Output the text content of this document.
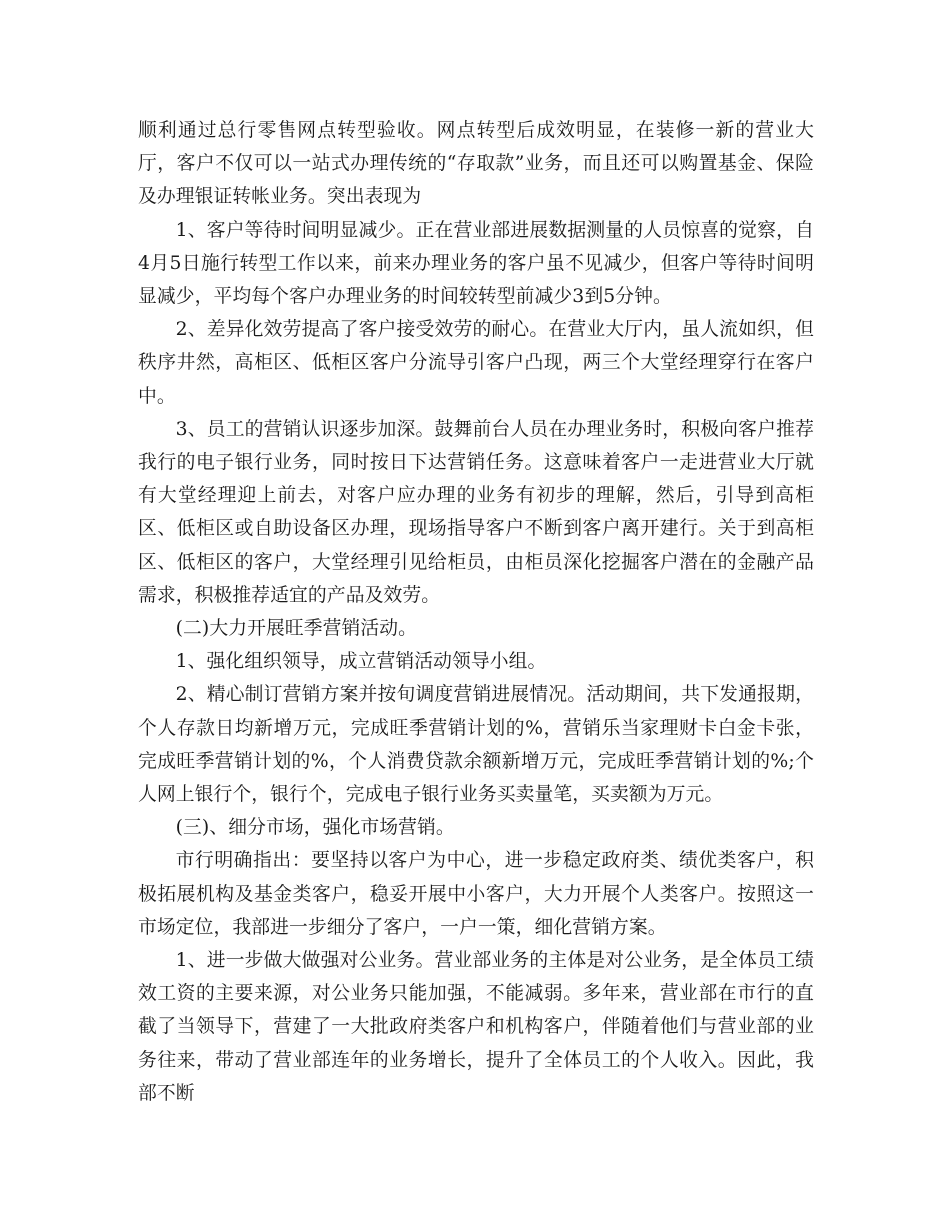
顺利通过总行零售网点转型验收。网点转型后成效明显，在装修一新的营业大厅，客户不仅可以一站式办理传统的“存取款”业务，而且还可以购置基金、保险及办理银证转帐业务。突出表现为

1、客户等待时间明显减少。正在营业部进展数据测量的人员惊喜的觉察，自4月5日施行转型工作以来，前来办理业务的客户虽不见减少，但客户等待时间明显减少，平均每个客户办理业务的时间较转型前减少3到5分钟。

2、差异化效劳提高了客户接受效劳的耐心。在营业大厅内，虽人流如织，但秩序井然，高柜区、低柜区客户分流导引客户凸现，两三个大堂经理穿行在客户中。

3、员工的营销认识逐步加深。鼓舞前台人员在办理业务时，积极向客户推荐我行的电子银行业务，同时按日下达营销任务。这意味着客户一走进营业大厅就有大堂经理迎上前去，对客户应办理的业务有初步的理解，然后，引导到高柜区、低柜区或自助设备区办理，现场指导客户不断到客户离开建行。关于到高柜区、低柜区的客户，大堂经理引见给柜员，由柜员深化挖掘客户潜在的金融产品需求，积极推荐适宜的产品及效劳。

(二)大力开展旺季营销活动。

1、强化组织领导，成立营销活动领导小组。

2、精心制订营销方案并按旬调度营销进展情况。活动期间，共下发通报期，个人存款日均新增万元，完成旺季营销计划的%，营销乐当家理财卡白金卡张，完成旺季营销计划的%，个人消费贷款余额新增万元，完成旺季营销计划的%;个人网上银行个，银行个，完成电子银行业务买卖量笔，买卖额为万元。

(三)、细分市场，强化市场营销。

市行明确指出：要坚持以客户为中心，进一步稳定政府类、绩优类客户，积极拓展机构及基金类客户，稳妥开展中小客户，大力开展个人类客户。按照这一市场定位，我部进一步细分了客户，一户一策，细化营销方案。

1、进一步做大做强对公业务。营业部业务的主体是对公业务，是全体员工绩效工资的主要来源，对公业务只能加强，不能减弱。多年来，营业部在市行的直截了当领导下，营建了一大批政府类客户和机构客户，伴随着他们与营业部的业务往来，带动了营业部连年的业务增长，提升了全体员工的个人收入。因此，我部不断
